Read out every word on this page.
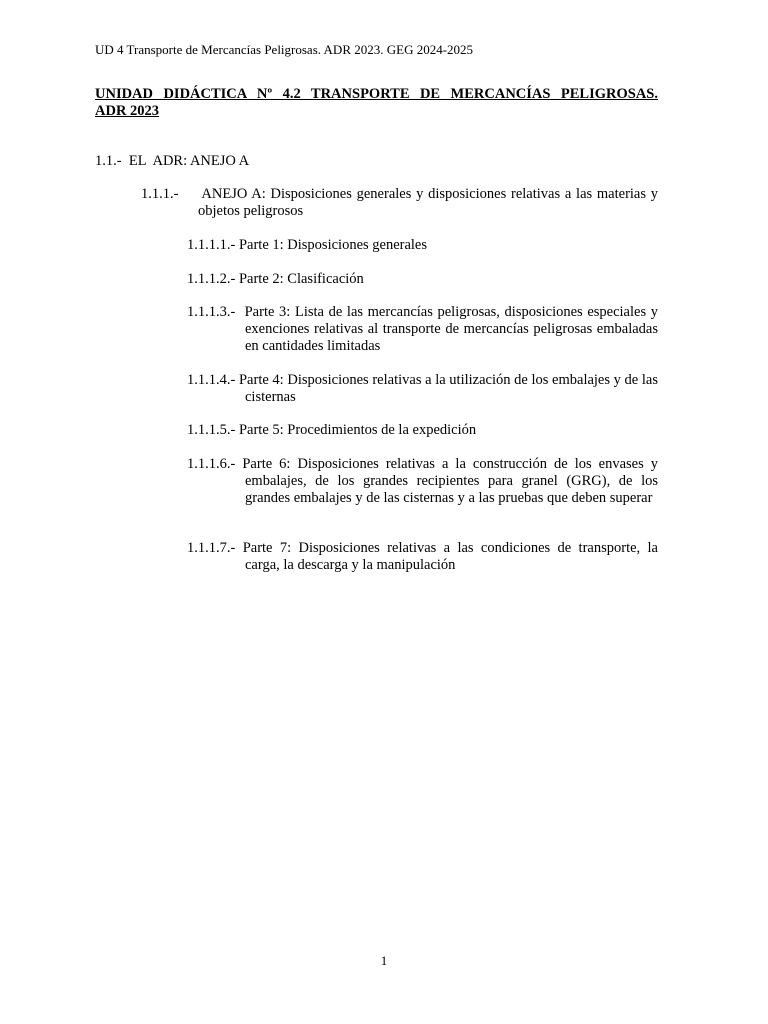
UD 4 Transporte de Mercancías Peligrosas. ADR 2023. GEG 2024-2025
UNIDAD DIDÁCTICA Nº 4.2 TRANSPORTE DE MERCANCÍAS PELIGROSAS.
ADR 2023
1.1.-  EL  ADR: ANEJO A
1.1.1.-     ANEJO A: Disposiciones generales y disposiciones relativas a las materias y objetos peligrosos
1.1.1.1.- Parte 1: Disposiciones generales
1.1.1.2.- Parte 2: Clasificación
1.1.1.3.-  Parte 3: Lista de las mercancías peligrosas, disposiciones especiales y exenciones relativas al transporte de mercancías peligrosas embaladas en cantidades limitadas
1.1.1.4.- Parte 4: Disposiciones relativas a la utilización de los embalajes y de las cisternas
1.1.1.5.- Parte 5: Procedimientos de la expedición
1.1.1.6.- Parte 6: Disposiciones relativas a la construcción de los envases y embalajes, de los grandes recipientes para granel (GRG), de los grandes embalajes y de las cisternas y a las pruebas que deben superar
1.1.1.7.- Parte 7: Disposiciones relativas a las condiciones de transporte, la carga, la descarga y la manipulación
1
